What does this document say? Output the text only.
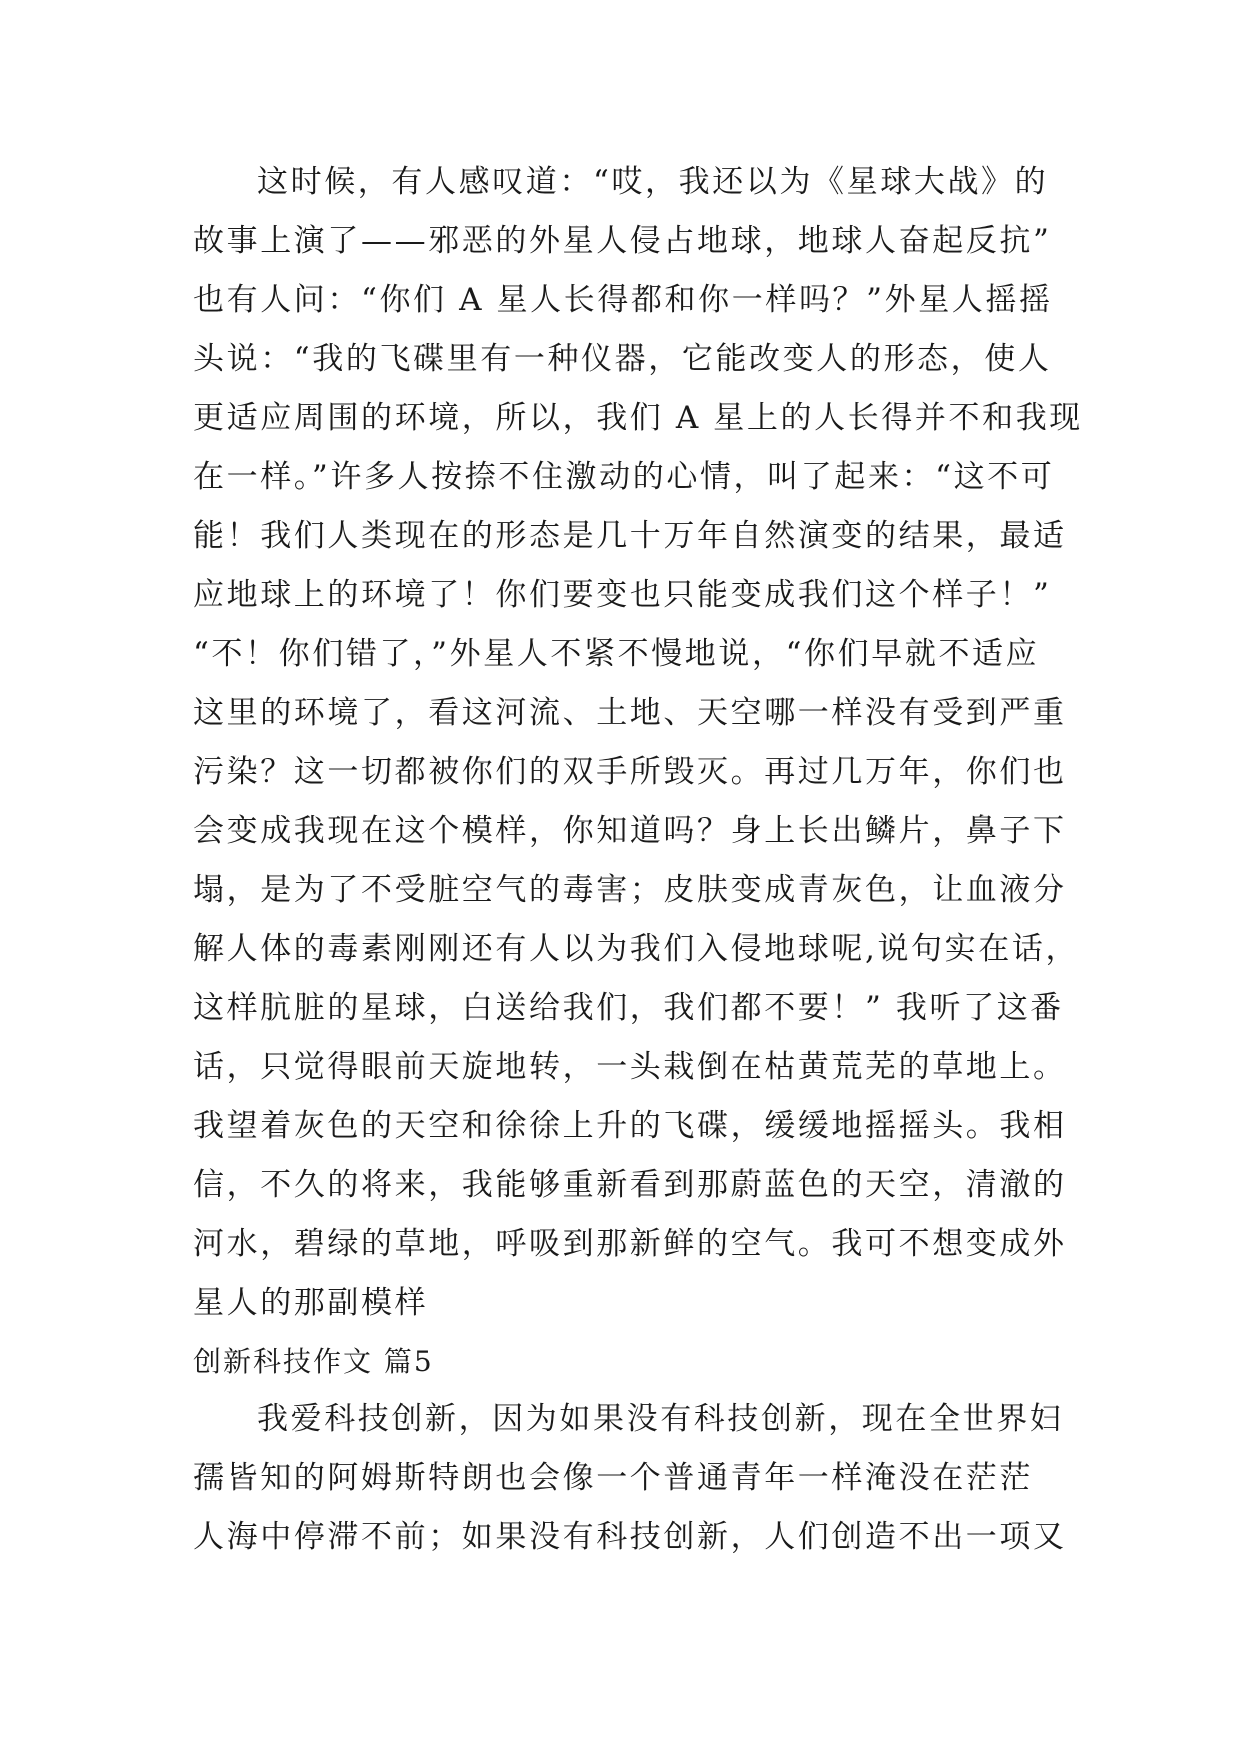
这时候，有人感叹道：“哎，我还以为《星球大战》的
故事上演了——邪恶的外星人侵占地球，地球人奋起反抗”
也有人问：“你们 A 星人长得都和你一样吗？”外星人摇摇
头说：“我的飞碟里有一种仪器，它能改变人的形态，使人
更适应周围的环境，所以，我们 A 星上的人长得并不和我现
在一样。”许多人按捺不住激动的心情，叫了起来：“这不可
能！我们人类现在的形态是几十万年自然演变的结果，最适
应地球上的环境了！你们要变也只能变成我们这个样子！”
“不！你们错了，”外星人不紧不慢地说，“你们早就不适应
这里的环境了，看这河流、土地、天空哪一样没有受到严重
污染？这一切都被你们的双手所毁灭。再过几万年，你们也
会变成我现在这个模样，你知道吗？身上长出鳞片，鼻子下
塌，是为了不受脏空气的毒害；皮肤变成青灰色，让血液分
解人体的毒素刚刚还有人以为我们入侵地球呢,说句实在话，
这样肮脏的星球，白送给我们，我们都不要！” 我听了这番
话，只觉得眼前天旋地转，一头栽倒在枯黄荒芜的草地上。
我望着灰色的天空和徐徐上升的飞碟，缓缓地摇摇头。我相
信，不久的将来，我能够重新看到那蔚蓝色的天空，清澈的
河水，碧绿的草地，呼吸到那新鲜的空气。我可不想变成外
星人的那副模样
创新科技作文 篇5
我爱科技创新，因为如果没有科技创新，现在全世界妇
孺皆知的阿姆斯特朗也会像一个普通青年一样淹没在茫茫
人海中停滞不前；如果没有科技创新，人们创造不出一项又
